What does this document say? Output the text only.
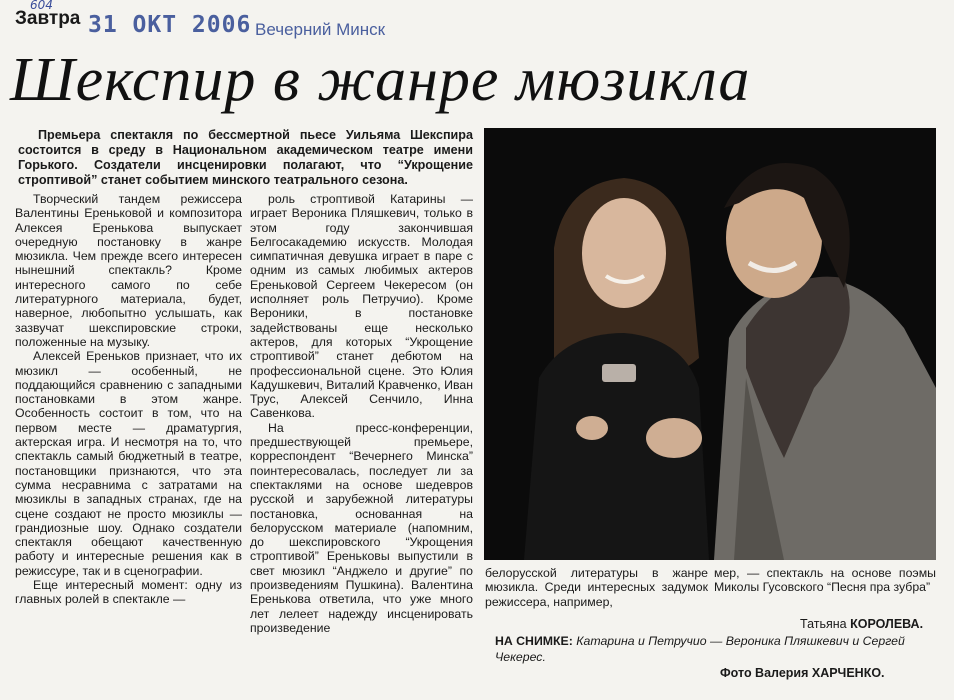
604
Завтра 31 ОКТ 2006 Вечерний Минск
Шекспир в жанре мюзикла
Премьера спектакля по бессмертной пьесе Уильяма Шекспира состоится в среду в Национальном академическом театре имени Горького. Создатели инсценировки полагают, что “Укрощение строптивой” станет событием минского театрального сезона.

Творческий тандем режиссера Валентины Ереньковой и композитора Алексея Еренькова выпускает очередную постановку в жанре мюзикла. Чем прежде всего интересен нынешний спектакль? Кроме интересного самого по себе литературного материала, будет, наверное, любопытно услышать, как зазвучат шекспировские строки, положенные на музыку.

Алексей Еренькoв признает, что их мюзикл — особенный, не поддающийся сравнению с западными постановками в этом жанре. Особенность состоит в том, что на первом месте — драматургия, актерская игра. И несмотря на то, что спектакль самый бюджетный в театре, постановщики признаются, что эта сумма несравнима с затратами на мюзиклы в западных странах, где на сцене создают не просто мюзиклы — грандиозные шоу. Однако создатели спектакля обещают качественную работу и интересные решения как в режиссуре, так и в сценографии.

Еще интересный момент: одну из главных ролей в спектакле —

роль строптивой Катарины — играет Вероника Пляшкевич, только в этом году закончившая Белгосакадемию искусств. Молодая симпатичная девушка играет в паре с одним из самых любимых актеров Ереньковой Сергеем Чекересом (он исполняет роль Петручио). Кроме Вероники, в постановке задействованы еще несколько актеров, для которых “Укрощение строптивой” станет дебютом на профессиональной сцене. Это Юлия Кадушкевич, Виталий Кравченко, Иван Трус, Алексей Сенчило, Инна Савенкова.

На пресс-конференции, предшествующей премьере, корреспондент “Вечернего Минска” поинтересовалась, последует ли за спектаклями на основе шедевров русской и зарубежной литературы постановка, основанная на белорусском материале (напомним, до шекспировского “Укрощения строптивой” Ереньковы выпустили в свет мюзикл “Анджело и другие” по произведениям Пушкина). Валентина Еренькова ответила, что уже много лет лелеет надежду инсценировать произведение

белорусской литературы в жанре мюзикла. Среди интересных задумок режиссера, например,

мер, — спектакль на основе поэмы Миколы Гусовского “Песня пра зубра”

Татьяна КОРОЛЕВА.
НА СНИМКЕ: Катарина и Петручио — Вероника Пляшкевич и Сергей Чекерес.
Фото Валерия ХАРЧЕНКО.
